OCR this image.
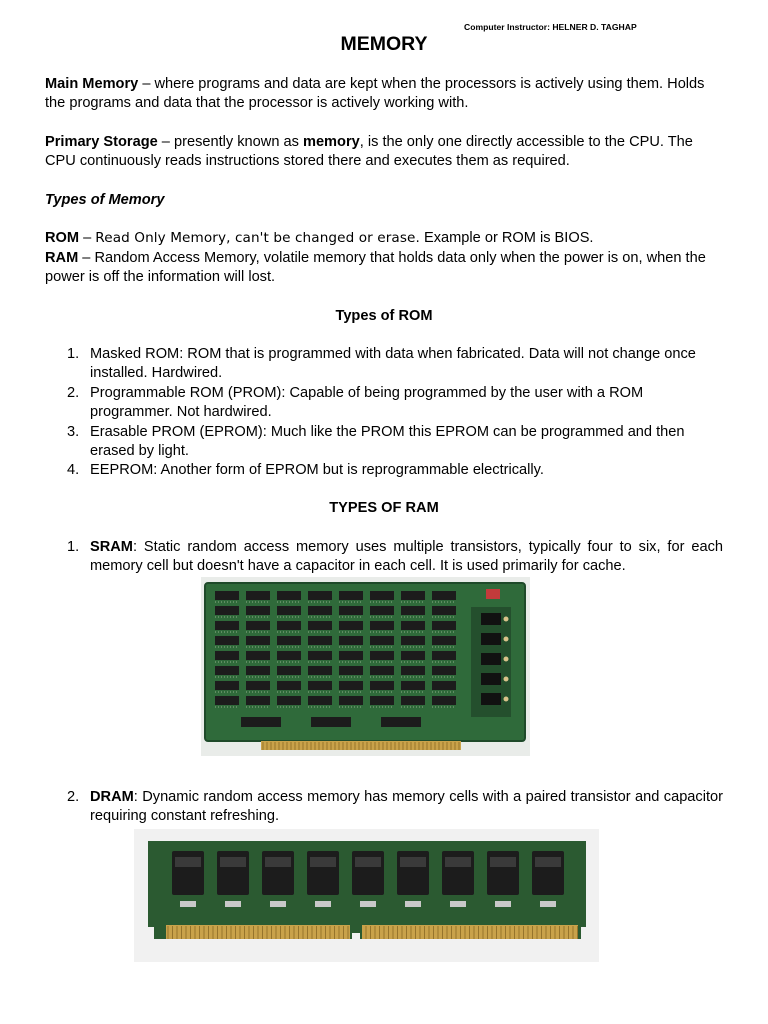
Computer Instructor: HELNER D. TAGHAP
MEMORY

Main Memory – where programs and data are kept when the processors is actively using them. Holds the programs and data that the processor is actively working with.

Primary Storage – presently known as memory, is the only one directly accessible to the CPU. The CPU continuously reads instructions stored there and executes them as required.

Types of Memory

ROM – Read Only Memory, can't be changed or erase. Example or ROM is BIOS.

RAM – Random Access Memory, volatile memory that holds data only when the power is on, when the power is off the information will lost.

Types of ROM
1. Masked ROM: ROM that is programmed with data when fabricated. Data will not change once installed. Hardwired.
2. Programmable ROM (PROM): Capable of being programmed by the user with a ROM programmer. Not hardwired.
3. Erasable PROM (EPROM): Much like the PROM this EPROM can be programmed and then erased by light.
4. EEPROM: Another form of EPROM but is reprogrammable electrically.
TYPES OF RAM
1. SRAM: Static random access memory uses multiple transistors, typically four to six, for each memory cell but doesn't have a capacitor in each cell. It is used primarily for cache.
2. DRAM: Dynamic random access memory has memory cells with a paired transistor and capacitor requiring constant refreshing.
